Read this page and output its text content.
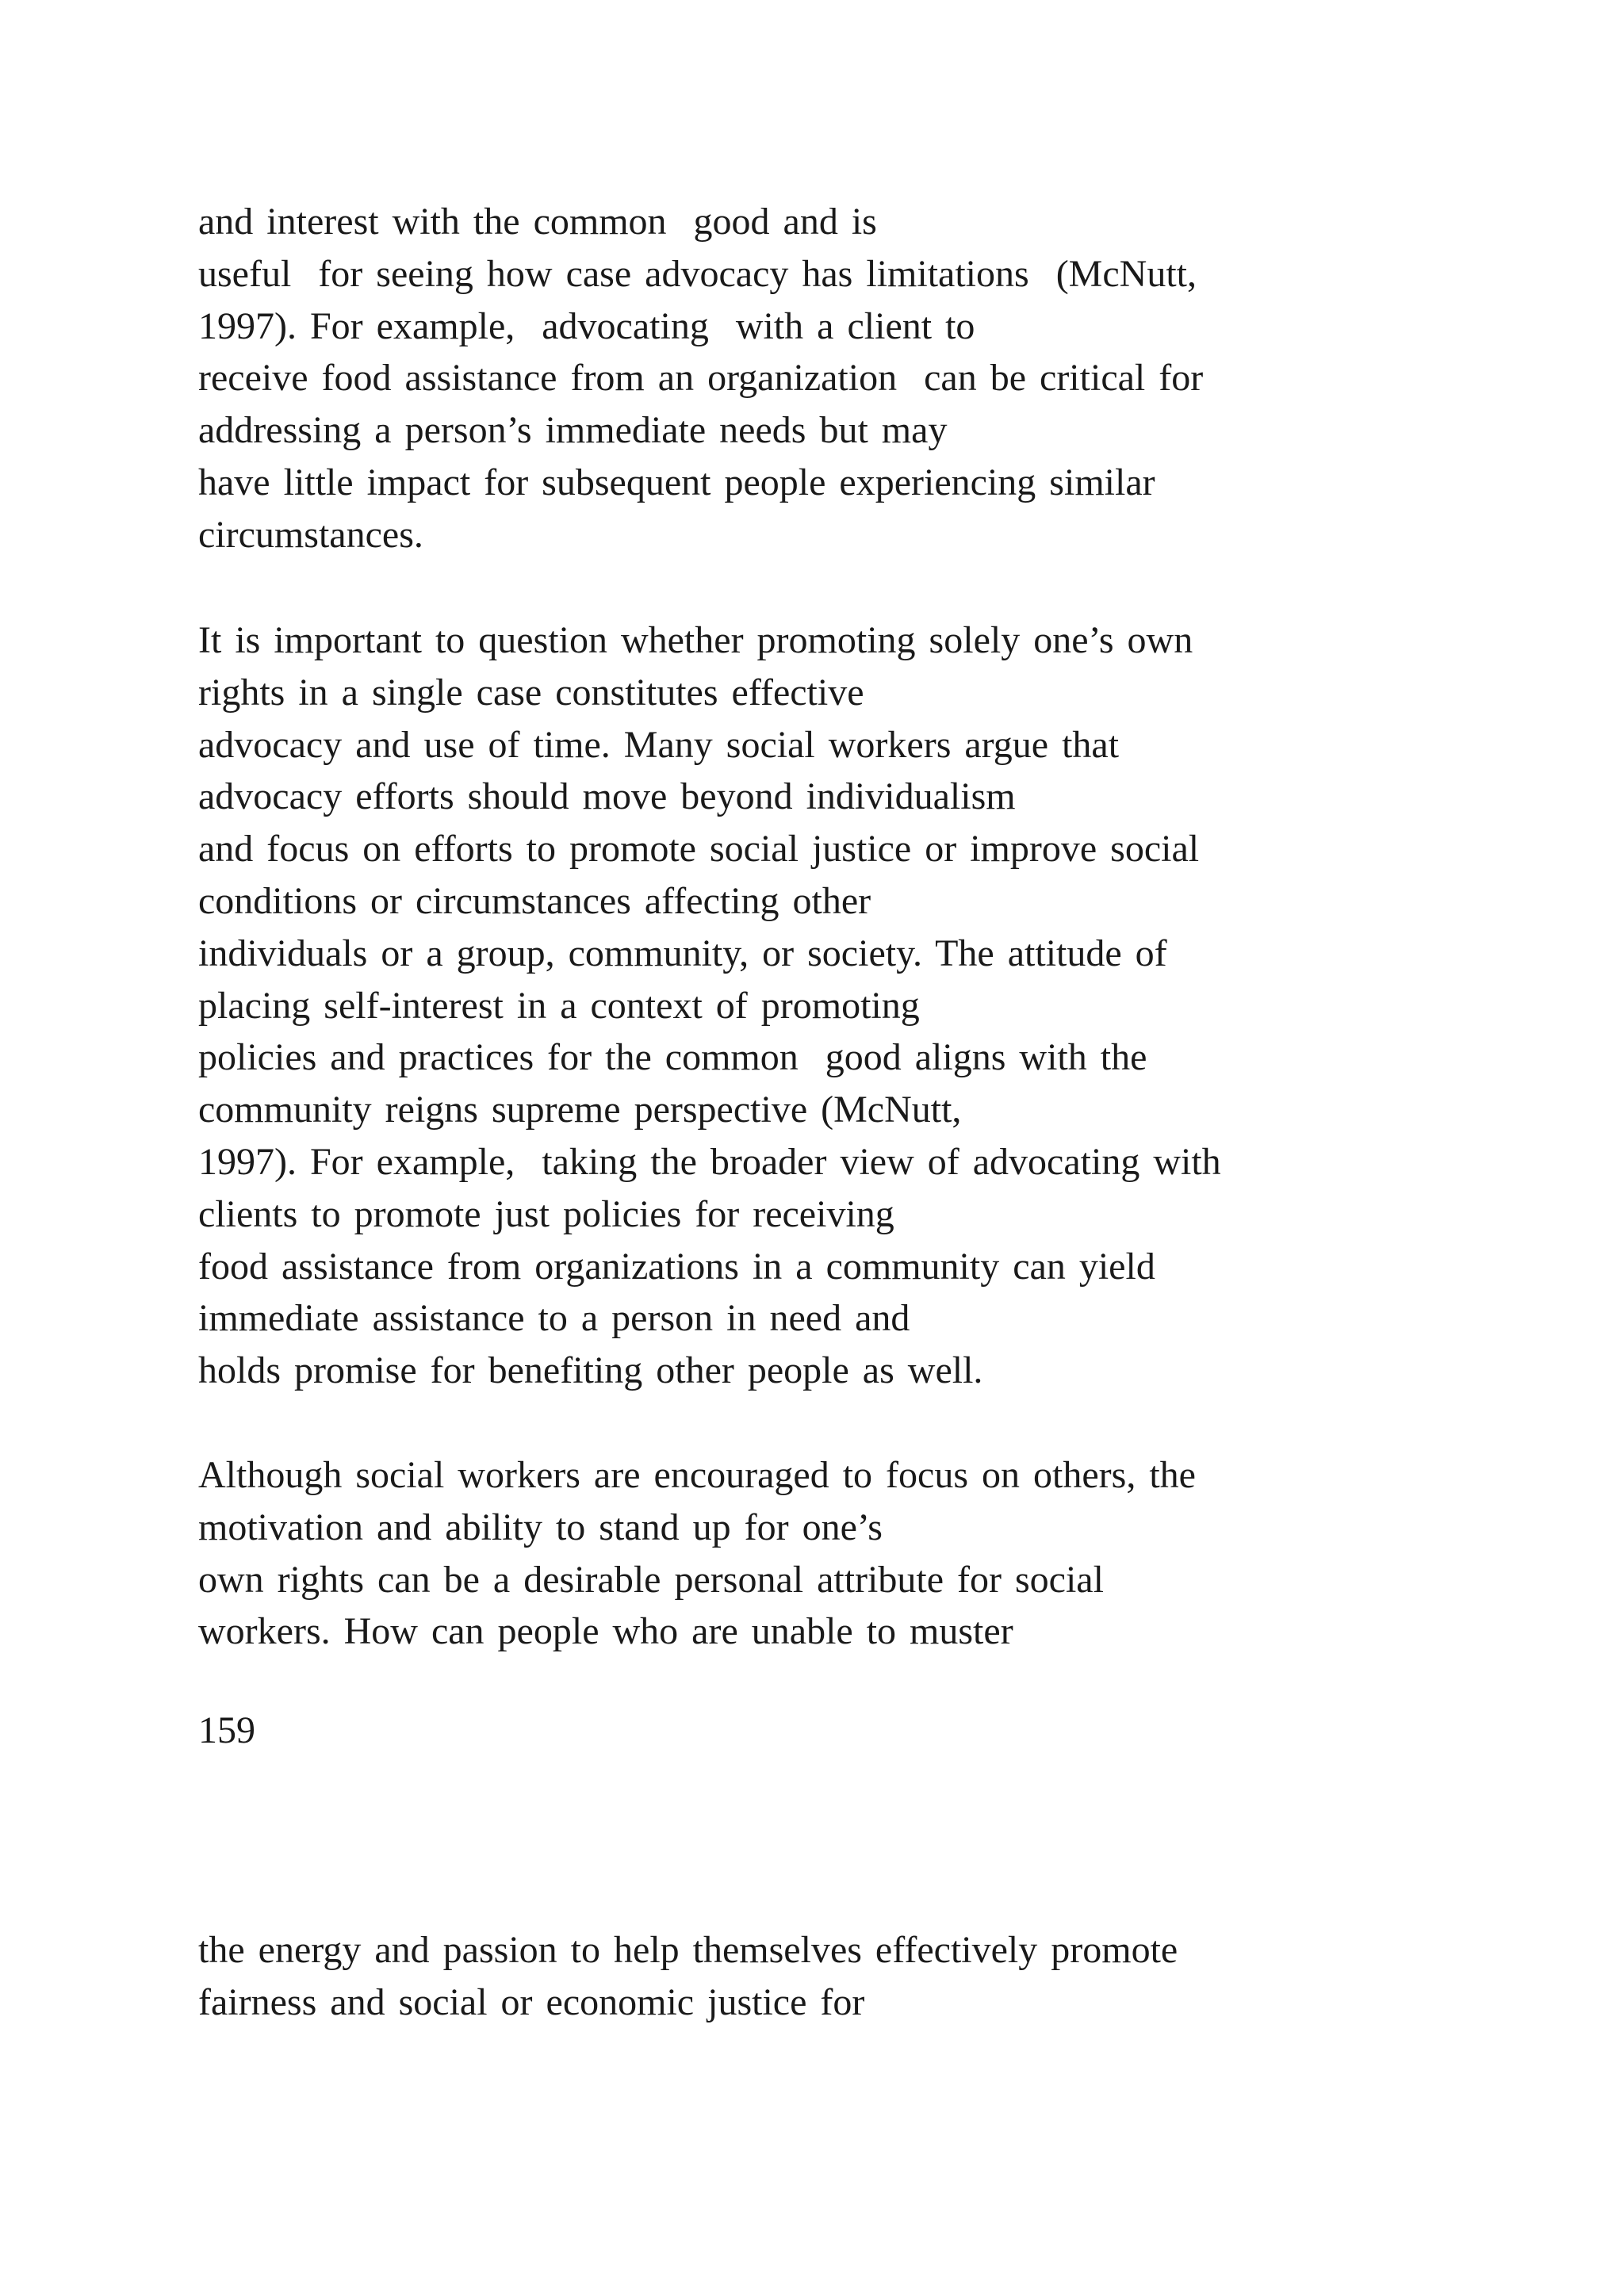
and interest with the common  good and is
useful  for seeing how case advocacy has limitations  (McNutt,
1997). For example,  advocating  with a client to
receive food assistance from an organization  can be critical for
addressing a person’s immediate needs but may
have little impact for subsequent people experiencing similar
circumstances.
It is important to question whether promoting solely one’s own
rights in a single case constitutes effective
advocacy and use of time. Many social workers argue that
advocacy efforts should move beyond individualism
and focus on efforts to promote social justice or improve social
conditions or circumstances affecting other
individuals or a group, community, or society. The attitude of
placing self-interest in a context of promoting
policies and practices for the common  good aligns with the
community reigns supreme perspective (McNutt,
1997). For example,  taking the broader view of advocating with
clients to promote just policies for receiving
food assistance from organizations in a community can yield
immediate assistance to a person in need and
holds promise for benefiting other people as well.
Although social workers are encouraged to focus on others, the
motivation and ability to stand up for one’s
own rights can be a desirable personal attribute for social
workers. How can people who are unable to muster
159
the energy and passion to help themselves effectively promote
fairness and social or economic justice for
